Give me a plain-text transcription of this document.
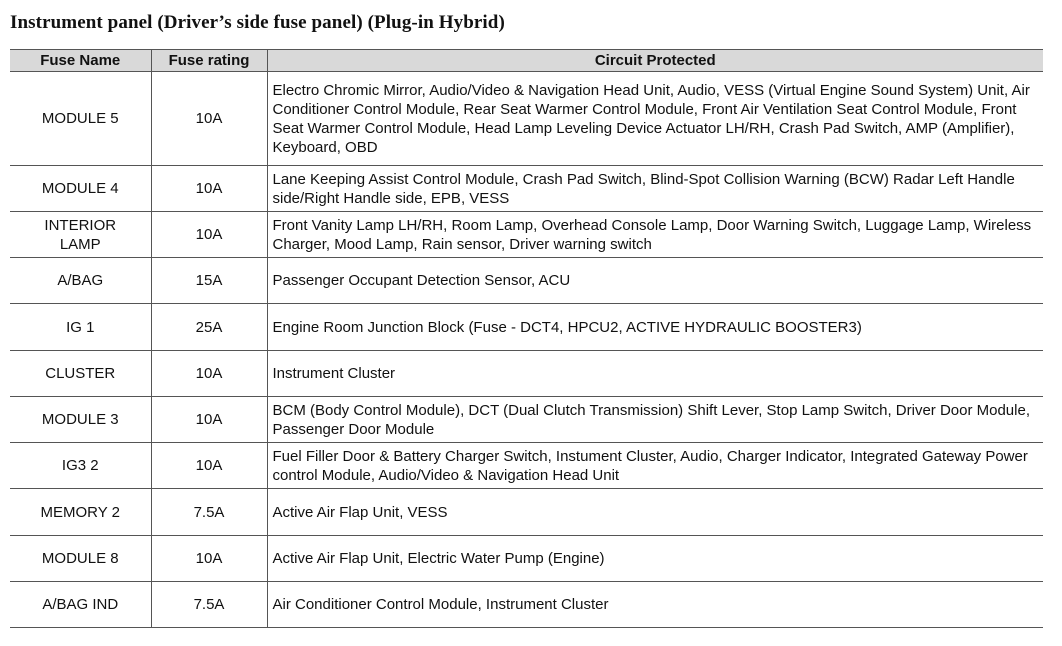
Instrument panel (Driver’s side fuse panel) (Plug-in Hybrid)
Fuse Name	Fuse rating	Circuit Protected
MODULE 5	10A	Electro Chromic Mirror, Audio/Video & Navigation Head Unit, Audio, VESS (Virtual Engine Sound System) Unit, Air Conditioner Control Module, Rear Seat Warmer Control Module, Front Air Ventilation Seat Control Module, Front Seat Warmer Control Module, Head Lamp Leveling Device Actuator LH/RH, Crash Pad Switch, AMP (Amplifier), Keyboard, OBD
MODULE 4	10A	Lane Keeping Assist Control Module, Crash Pad Switch, Blind-Spot Collision Warning (BCW) Radar Left Handle side/Right Handle side, EPB, VESS
INTERIOR LAMP	10A	Front Vanity Lamp LH/RH, Room Lamp, Overhead Console Lamp, Door Warning Switch, Luggage Lamp, Wireless Charger, Mood Lamp, Rain sensor, Driver warning switch
A/BAG	15A	Passenger Occupant Detection Sensor, ACU
IG 1	25A	Engine Room Junction Block (Fuse - DCT4, HPCU2, ACTIVE HYDRAULIC BOOSTER3)
CLUSTER	10A	Instrument Cluster
MODULE 3	10A	BCM (Body Control Module), DCT (Dual Clutch Transmission) Shift Lever, Stop Lamp Switch, Driver Door Module, Passenger Door Module
IG3 2	10A	Fuel Filler Door & Battery Charger Switch, Instument Cluster, Audio, Charger Indicator, Integrated Gateway Power control Module, Audio/Video & Navigation Head Unit
MEMORY 2	7.5A	Active Air Flap Unit, VESS
MODULE 8	10A	Active Air Flap Unit, Electric Water Pump (Engine)
A/BAG IND	7.5A	Air Conditioner Control Module, Instrument Cluster
